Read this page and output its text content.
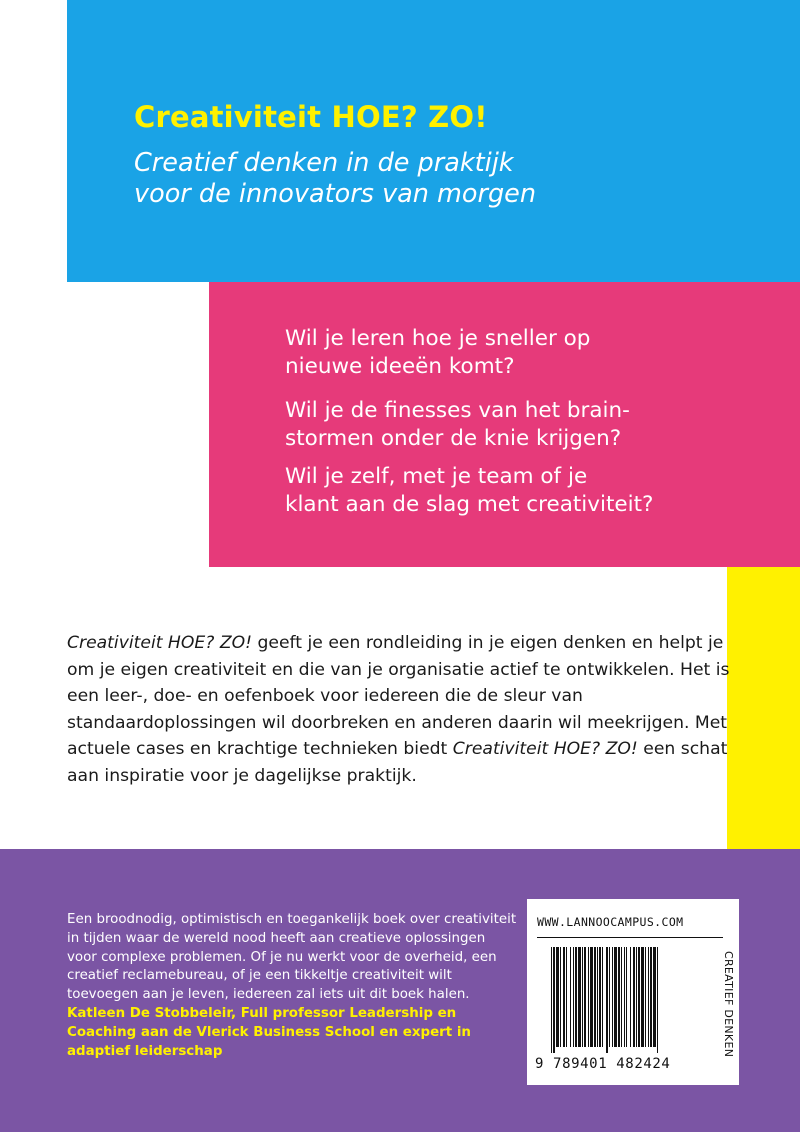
Creativiteit HOE? ZO!
Creatief denken in de praktijk
voor de innovators van morgen
Wil je leren hoe je sneller op
nieuwe ideeën komt?
Wil je de finesses van het brain-
stormen onder de knie krijgen?
Wil je zelf, met je team of je
klant aan de slag met creativiteit?

Creativiteit HOE? ZO! geeft je een rondleiding in je eigen denken en helpt je om je eigen creativiteit en die van je organisatie actief te ontwikkelen. Het is een leer-, doe- en oefenboek voor iedereen die de sleur van standaardoplossingen wil doorbreken en anderen daarin wil meekrijgen. Met actuele cases en krachtige technieken biedt Creativiteit HOE? ZO! een schat aan inspiratie voor je dagelijkse praktijk.

Een broodnodig, optimistisch en toegankelijk boek over creativiteit in tijden waar de wereld nood heeft aan creatieve oplossingen voor complexe problemen. Of je nu werkt voor de overheid, een creatief reclamebureau, of je een tikkeltje creativiteit wilt toevoegen aan je leven, iedereen zal iets uit dit boek halen.
Katleen De Stobbeleir, Full professor Leadership en Coaching aan de Vlerick Business School en expert in adaptief leiderschap

WWW.LANNOOCAMPUS.COM
9 789401 482424
CREATIEF DENKEN
